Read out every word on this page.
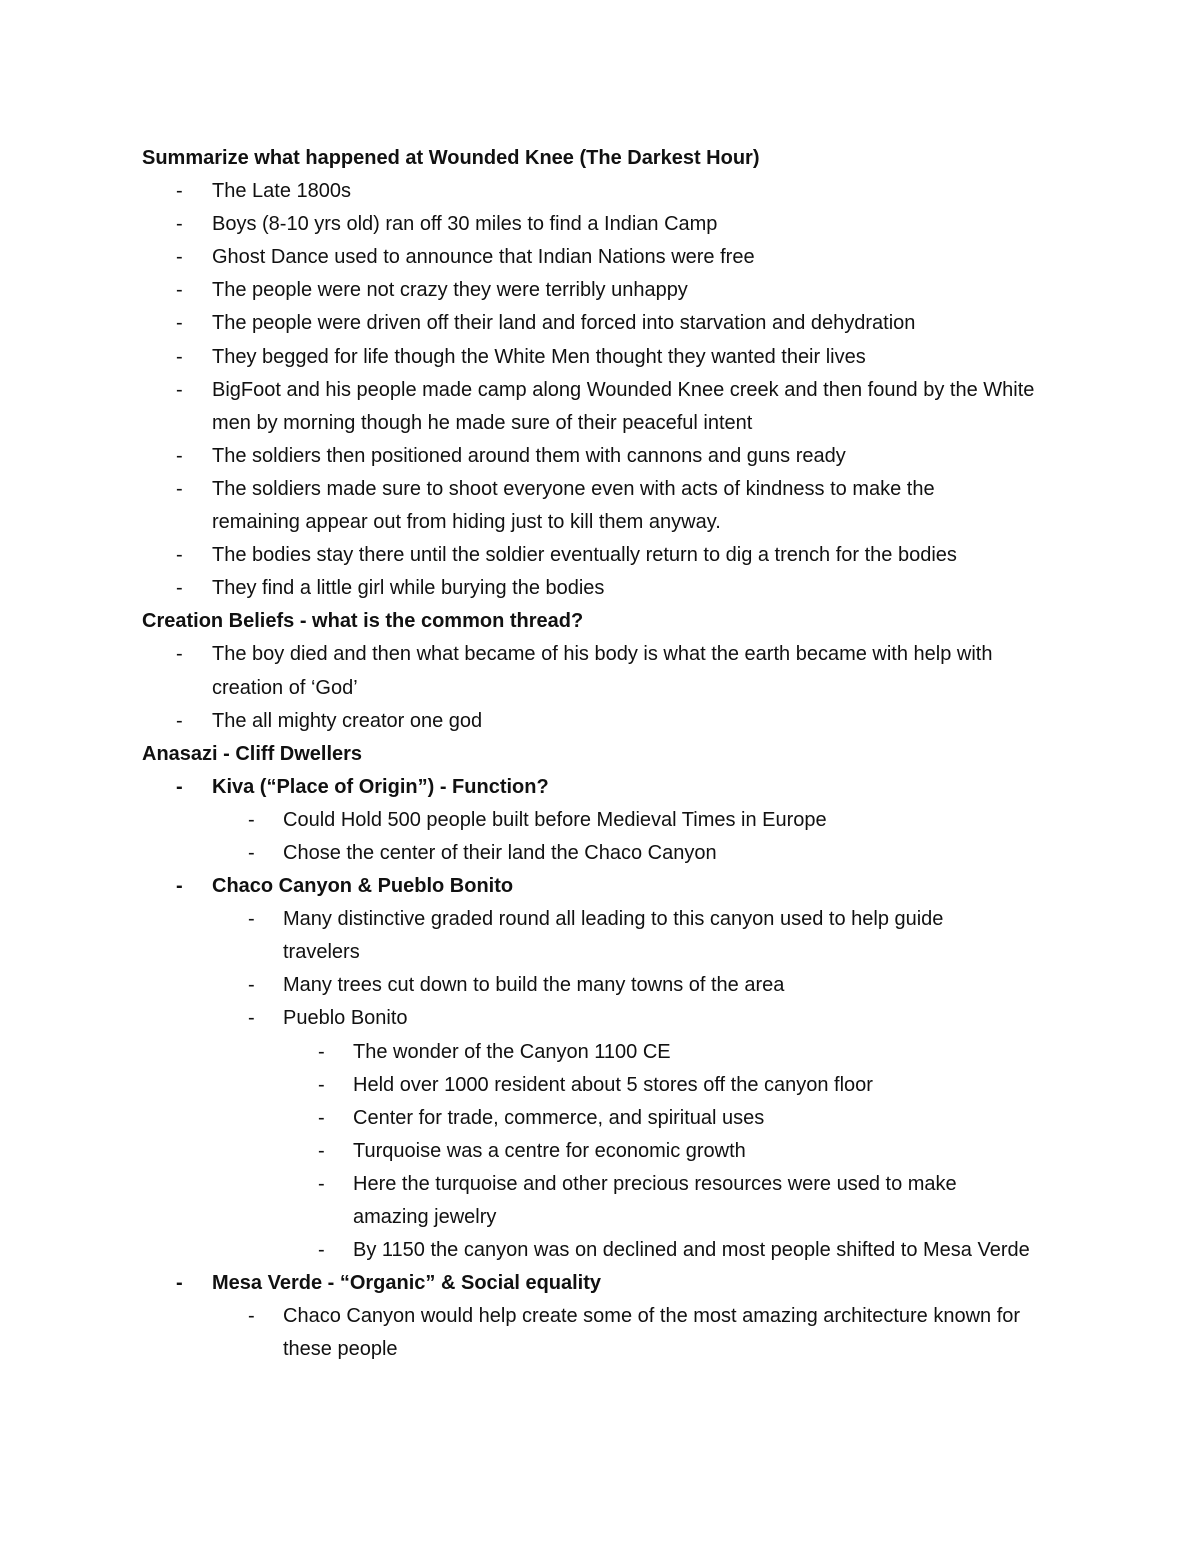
Summarize what happened at Wounded Knee (The Darkest Hour)
- The Late 1800s
- Boys (8-10 yrs old) ran off 30 miles to find a Indian Camp
- Ghost Dance used to announce that Indian Nations were free
- The people were not crazy they were terribly unhappy
- The people were driven off their land and forced into starvation and dehydration
- They begged for life though the White Men thought they wanted their lives
- BigFoot and his people made camp along Wounded Knee creek and then found by the White men by morning though he made sure of their peaceful intent
- The soldiers then positioned around them with cannons and guns ready
- The soldiers made sure to shoot everyone even with acts of kindness to make the remaining appear out from hiding just to kill them anyway.
- The bodies stay there until the soldier eventually return to dig a trench for the bodies
- They find a little girl while burying the bodies
Creation Beliefs - what is the common thread?
- The boy died and then what became of his body is what the earth became with help with creation of ‘God’
- The all mighty creator one god
Anasazi - Cliff Dwellers
- Kiva (“Place of Origin”) - Function?
- Could Hold 500 people built before Medieval Times in Europe
- Chose the center of their land the Chaco Canyon
- Chaco Canyon & Pueblo Bonito
- Many distinctive graded round all leading to this canyon used to help guide travelers
- Many trees cut down to build the many towns of the area
- Pueblo Bonito
- The wonder of the Canyon 1100 CE
- Held over 1000 resident about 5 stores off the canyon floor
- Center for trade, commerce, and spiritual uses
- Turquoise was a centre for economic growth
- Here the turquoise and other precious resources were used to make amazing jewelry
- By 1150 the canyon was on declined and most people shifted to Mesa Verde
- Mesa Verde - “Organic” & Social equality
- Chaco Canyon would help create some of the most amazing architecture known for these people
